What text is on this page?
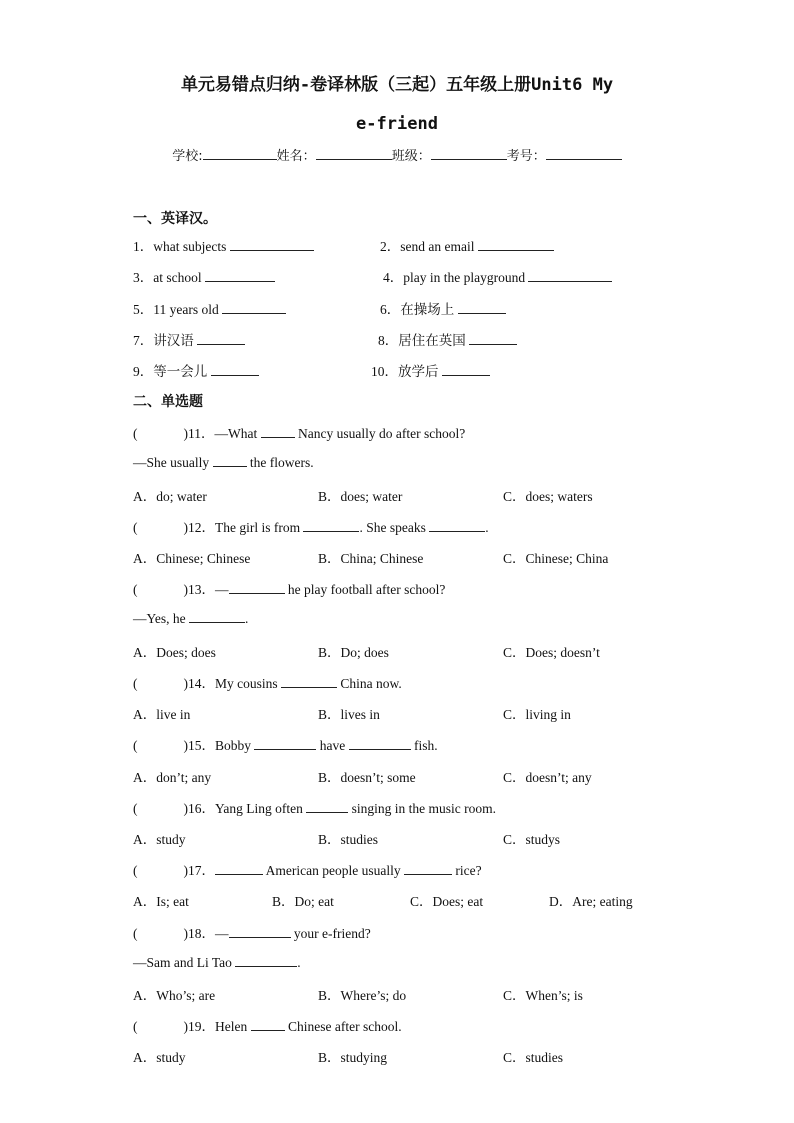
单元易错点归纳-卷译林版（三起）五年级上册Unit6 My
e-friend
学校:	姓名：	班级：	考号：
一、英译汉。
1．what subjects	2．send an email
3．at school	4．play in the playground
5．11 years old	6．在操场上
7．讲汉语	8．居住在英国
9．等一会儿	10．放学后
二、单选题
(	)11．—What	Nancy usually do after school?
—She usually	the flowers.
A．do; water	B．does; water	C．does; waters
(	)12．The girl is from	. She speaks	.
A．Chinese; Chinese	B．China; Chinese	C．Chinese; China
(	)13．—	he play football after school?
—Yes, he	.
A．Does; does	B．Do; does	C．Does; doesn’t
(	)14．My cousins	China now.
A．live in	B．lives in	C．living in
(	)15．Bobby	have	fish.
A．don’t; any	B．doesn’t; some	C．doesn’t; any
(	)16．Yang Ling often	singing in the music room.
A．study	B．studies	C．studys
(	)17．	American people usually	rice?
A．Is; eat	B．Do; eat	C．Does; eat	D．Are; eating
(	)18．—	your e-friend?
—Sam and Li Tao	.
A．Who’s; are	B．Where’s; do	C．When’s; is
(	)19．Helen	Chinese after school.
A．study	B．studying	C．studies
